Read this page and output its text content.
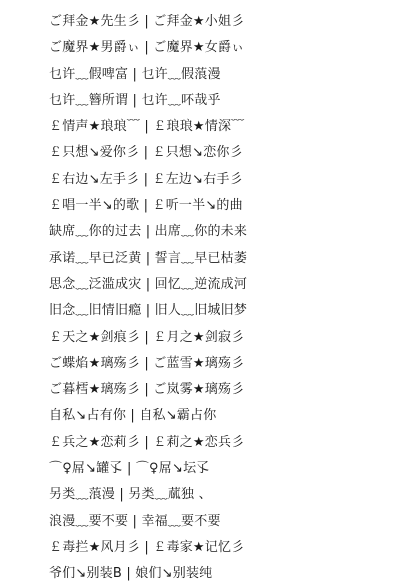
ご拜金★先生彡 | ご拜金★小姐彡
ご魔界★男爵ぃ | ご魔界★女爵ぃ
乜许﹏假啤富 | 乜许﹏假蒗漫
乜许﹏簪所谓 | 乜许﹏吥哉乎
￡情声★琅琅﹋ | ￡琅琅★情深﹋
￡只想↘爱你彡 | ￡只想↘恋你彡
￡右边↘左手彡 | ￡左边↘右手彡
￡唱一半↘的歌 | ￡听一半↘的曲
缺席﹏你的过去 | 出席﹏你的未来
承诺﹏早已泛黄 | 誓言﹏早已枯萎
思念﹏泛滥成灾 | 回忆﹏逆流成河
旧念﹏旧情旧瘾 | 旧人﹏旧城旧梦
￡天之★剑痕彡 | ￡月之★剑寂彡
ご蝶焰★璃殇彡 | ご蓝雪★璃殇彡
ご暮樰★璃殇彡 | ご岚雾★璃殇彡
自私↘占有你 | 自私↘霸占你
￡兵之★恋莉彡 | ￡莉之★恋兵彡
⌒♀屌↘罐孓 | ⌒♀屌↘坛孓
另类﹏蒗漫 | 另类﹏蓏独 、
浪漫﹏要不要 | 幸福﹏要不要
￡毒拦★风月彡 | ￡毒家★记忆彡
爷们↘别装B | 娘们↘别装纯
